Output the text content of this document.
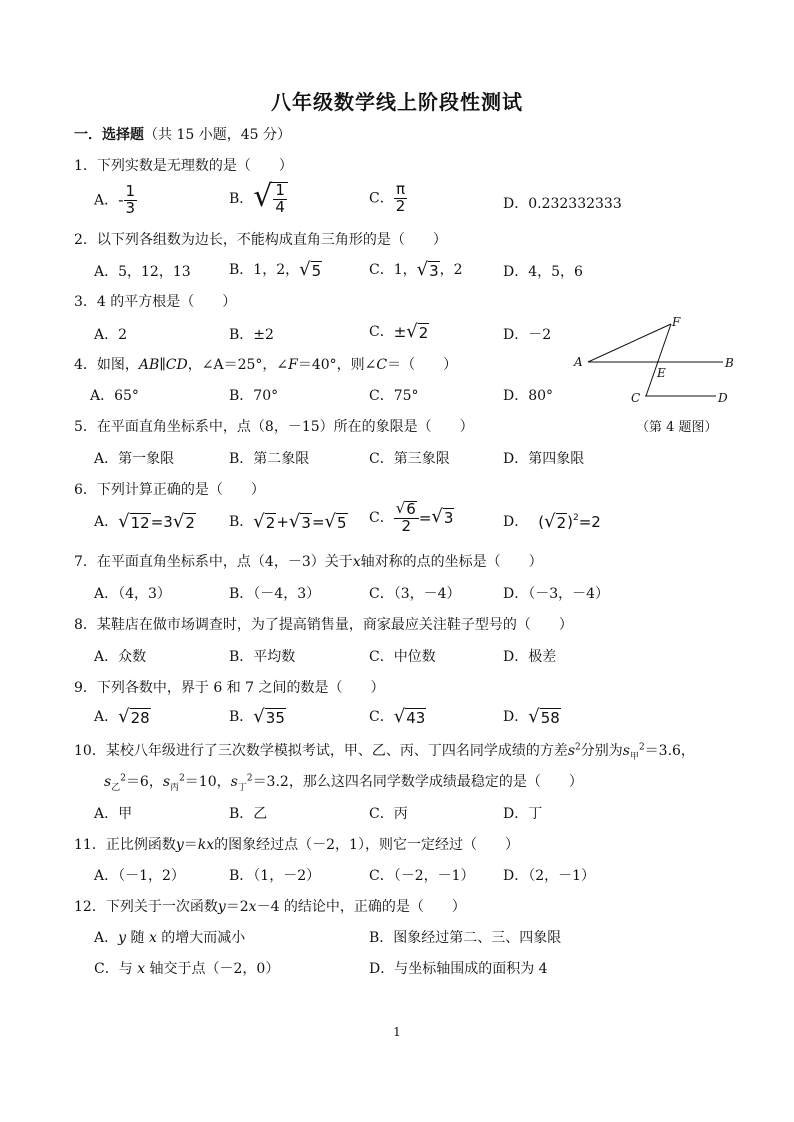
八年级数学线上阶段性测试
一．选择题（共 15 小题，45 分）
1．下列实数是无理数的是（　　）
A．- $\frac{1}{3}$	B． √ $\frac{1}{4}$	C． $\frac{\pi}{2}$	D．0.232332333
2．以下列各组数为边长，不能构成直角三角形的是（　　）
A．5，12，13	B．1，2， √ 5	C．1， √ 3 ，2	D．4，5，6
3．4 的平方根是（　　）
A．2	B．±2	C．± √ 2	D．－2
4．如图，AB∥CD，∠A＝25°，∠F＝40°，则∠C＝（　　）
A．65°	B．70°	C．75°	D．80°
A	B
C	D
E
F
（第 4 题图）
5．在平面直角坐标系中，点（8，－15）所在的象限是（　　）
A．第一象限	B．第二象限	C．第三象限	D．第四象限
6．下列计算正确的是（　　）
A． √ 12 =3 √ 2 B． √ 2 + √ 3 = √ 5 C． $\frac{√ 6}{2}$ = √ 3	D． ( √ 2 )2=2
7．在平面直角坐标系中，点（4，－3）关于x轴对称的点的坐标是（　　）
A．（4，3）	B．（－4，3）	C．（3，－4）	D．（－3，－4）
8．某鞋店在做市场调查时，为了提高销售量，商家最应关注鞋子型号的（　　）
A．众数	B．平均数	C．中位数	D．极差
9．下列各数中，界于 6 和 7 之间的数是（　　）
A． √ 28	B． √ 35	C． √ 43	D． √ 58
10．某校八年级进行了三次数学模拟考试，甲、乙、丙、丁四名同学成绩的方差$s^2$分别为$s_甲^2=3.6$，
$s_乙^2=6$，$s_丙^2=10$，$s_丁^2=3.2$，那么这四名同学数学成绩最稳定的是（　　）
A．甲	B．乙	C．丙	D．丁
11．正比例函数y＝kx的图象经过点（－2，1），则它一定经过（　　）
A．（－1，2）	B．（1，－2）	C．（－2，－1） D．（2，－1）
12．下列关于一次函数y＝2x－4 的结论中，正确的是（　　）
A．y 随 x 的增大而减小	B．图象经过第二、三、四象限
C．与 x 轴交于点（－2，0）	D．与坐标轴围成的面积为 4
1
